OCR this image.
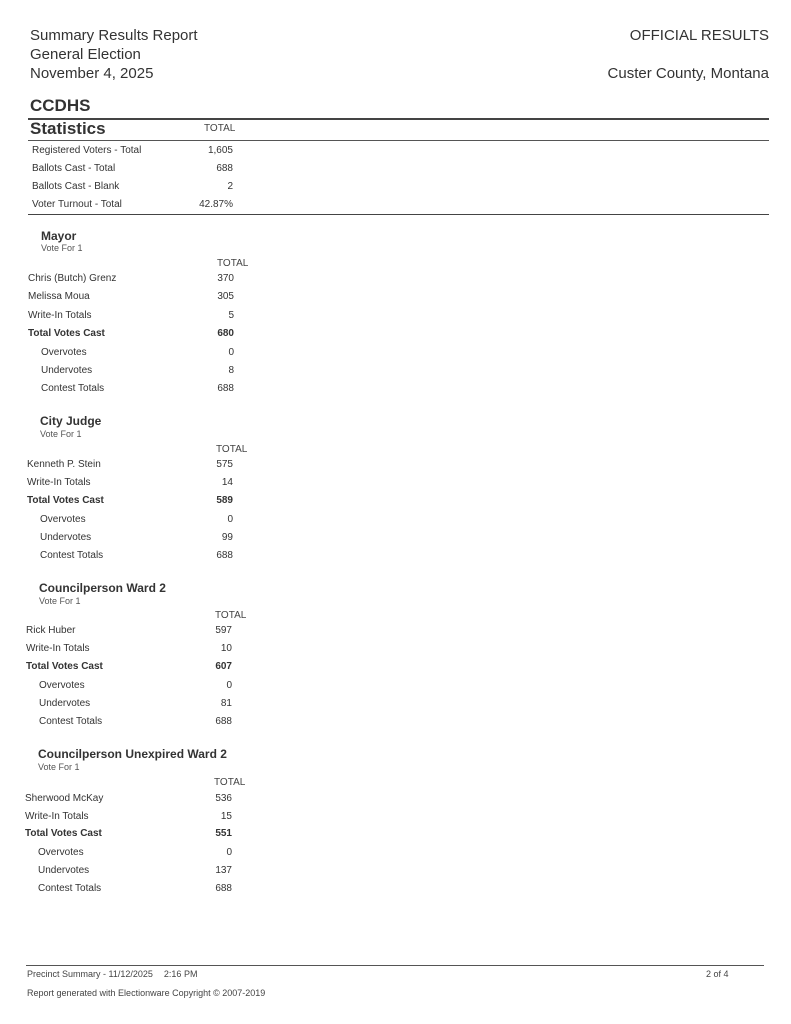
Summary Results Report
General Election
November 4, 2025
OFFICIAL RESULTS
Custer County, Montana
CCDHS
Statistics	TOTAL
Registered Voters - Total	1,605
Ballots Cast - Total	688
Ballots Cast - Blank	2
Voter Turnout - Total	42.87%
Mayor
Vote For 1
TOTAL
Chris (Butch) Grenz	370
Melissa Moua	305
Write-In Totals	5
Total Votes Cast	680
Overvotes	0
Undervotes	8
Contest Totals	688
City Judge
Vote For 1
TOTAL
Kenneth P. Stein	575
Write-In Totals	14
Total Votes Cast	589
Overvotes	0
Undervotes	99
Contest Totals	688
Councilperson Ward 2
Vote For 1
TOTAL
Rick Huber	597
Write-In Totals	10
Total Votes Cast	607
Overvotes	0
Undervotes	81
Contest Totals	688
Councilperson Unexpired Ward 2
Vote For 1
TOTAL
Sherwood McKay	536
Write-In Totals	15
Total Votes Cast	551
Overvotes	0
Undervotes	137
Contest Totals	688
Precinct Summary - 11/12/2025 2:16 PM	2 of 4
Report generated with Electionware Copyright © 2007-2019
